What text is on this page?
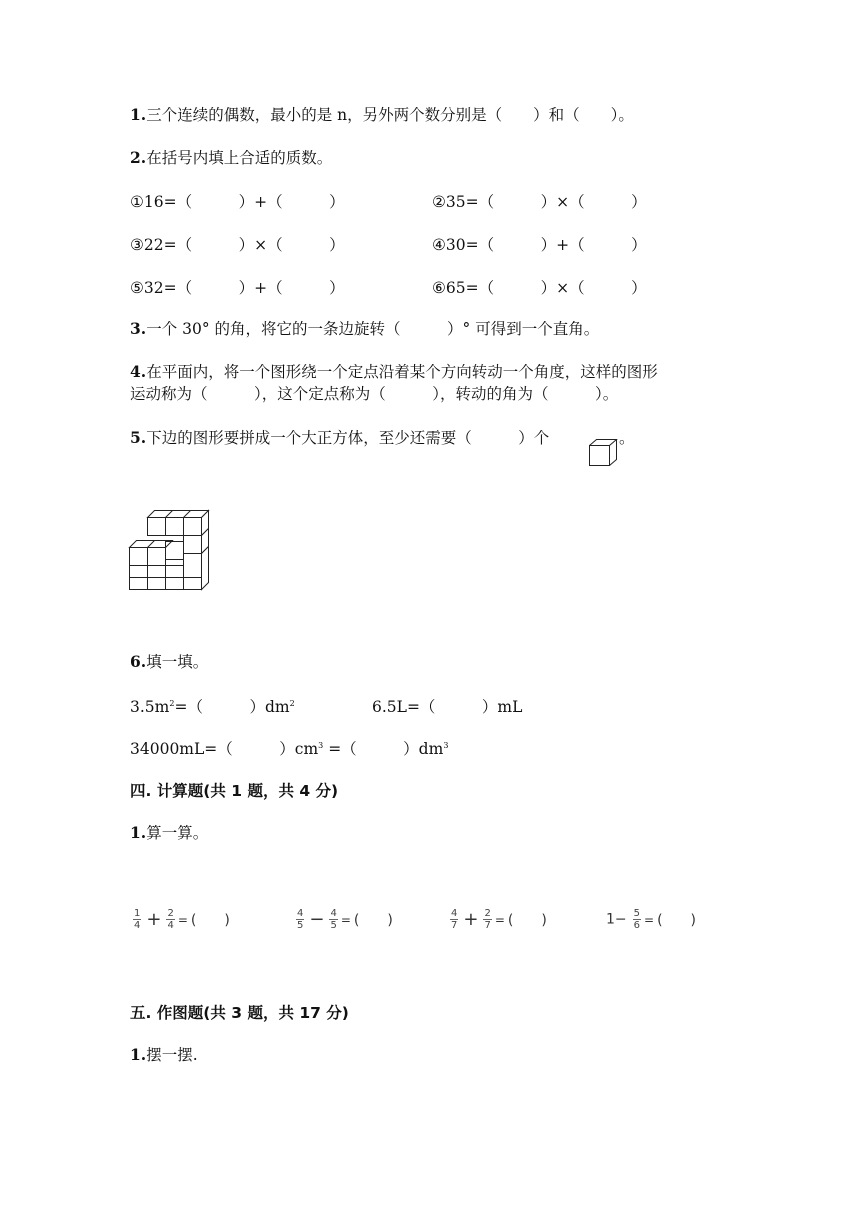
1.三个连续的偶数，最小的是 n，另外两个数分别是（　　）和（　　）。
2.在括号内填上合适的质数。
①16=（　　　）+（　　　）	②35=（　　　）×（　　　）
③22=（　　　）×（　　　）	④30=（　　　）+（　　　）
⑤32=（　　　）+（　　　）	⑥65=（　　　）×（　　　）
3.一个 30° 的角，将它的一条边旋转（　　　）° 可得到一个直角。
4.在平面内，将一个图形绕一个定点沿着某个方向转动一个角度，这样的图形
运动称为（　　　），这个定点称为（　　　），转动的角为（　　　）。
5.下边的图形要拼成一个大正方体，至少还需要（　　　）个	。
6.填一填。
$3.5m^2=$（　　　）$dm^2$	6.5L=（　　　）mL
34000mL=（　　　）$cm^3$ =（　　　）$dm^3$
四. 计算题(共 1 题，共 4 分)
1.算一算。
$\frac{1}{4} + \frac{2}{4}$ = (　　)	$\frac{4}{5} - \frac{4}{5}$ = (　　)	$\frac{4}{7} + \frac{2}{7}$ = (　　)	$1- \frac{5}{6}$ = (　　)
五. 作图题(共 3 题，共 17 分)
1.摆一摆.
